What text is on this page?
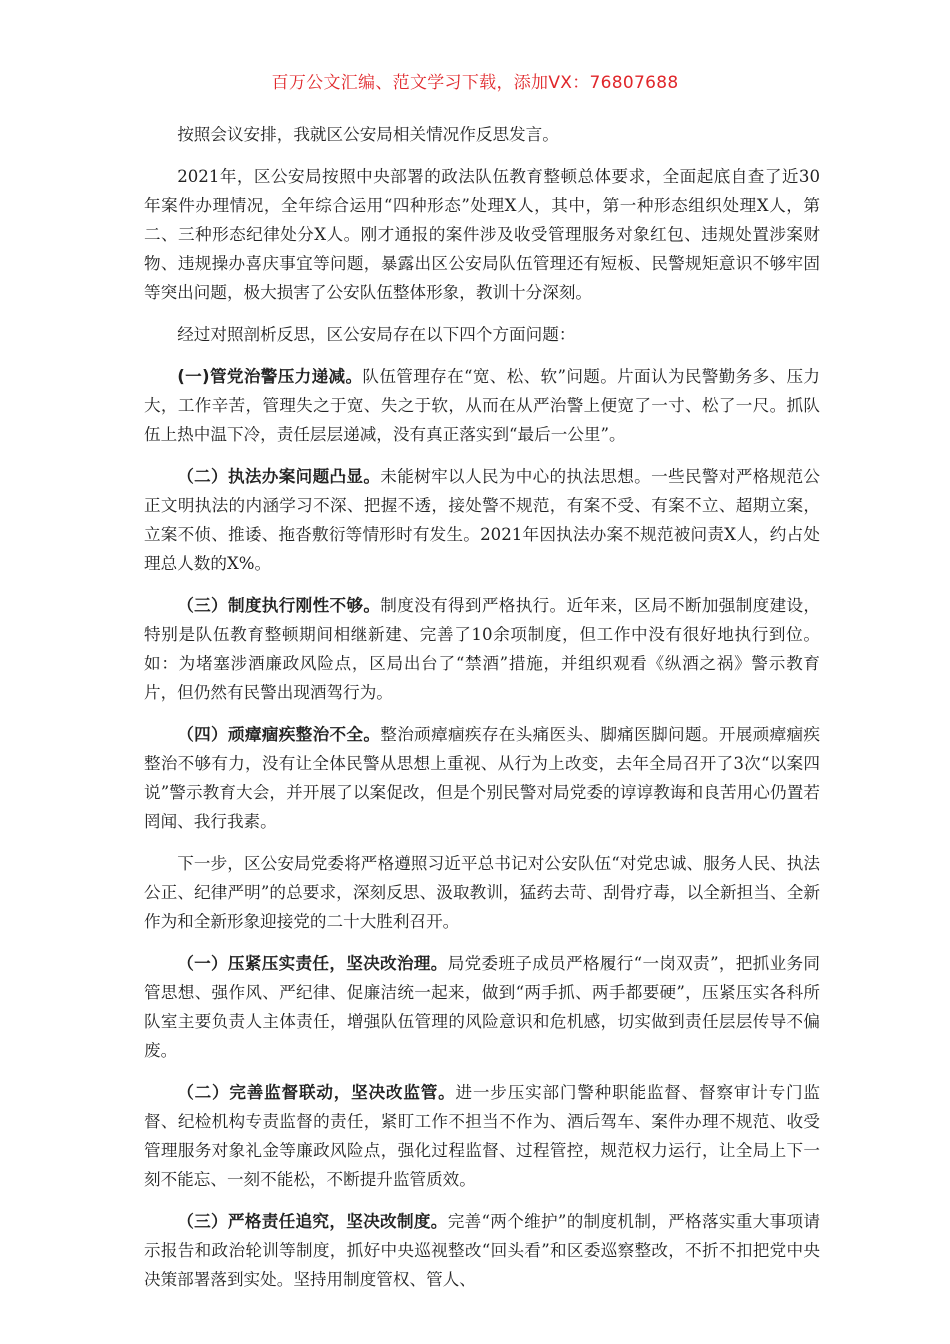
百万公文汇编、范文学习下载，添加VX：76807688

按照会议安排，我就区公安局相关情况作反思发言。

2021年，区公安局按照中央部署的政法队伍教育整顿总体要求，全面起底自查了近30年案件办理情况，全年综合运用“四种形态”处理X人，其中，第一种形态组织处理X人，第二、三种形态纪律处分X人。刚才通报的案件涉及收受管理服务对象红包、违规处置涉案财物、违规操办喜庆事宜等问题，暴露出区公安局队伍管理还有短板、民警规矩意识不够牢固等突出问题，极大损害了公安队伍整体形象，教训十分深刻。

经过对照剖析反思，区公安局存在以下四个方面问题：

(一)管党治警压力递减。队伍管理存在“宽、松、软”问题。片面认为民警勤务多、压力大，工作辛苦，管理失之于宽、失之于软，从而在从严治警上便宽了一寸、松了一尺。抓队伍上热中温下冷，责任层层递减，没有真正落实到“最后一公里”。

（二）执法办案问题凸显。未能树牢以人民为中心的执法思想。一些民警对严格规范公正文明执法的内涵学习不深、把握不透，接处警不规范，有案不受、有案不立、超期立案，立案不侦、推诿、拖沓敷衍等情形时有发生。2021年因执法办案不规范被问责X人，约占处理总人数的X%。

（三）制度执行刚性不够。制度没有得到严格执行。近年来，区局不断加强制度建设，特别是队伍教育整顿期间相继新建、完善了10余项制度，但工作中没有很好地执行到位。如：为堵塞涉酒廉政风险点，区局出台了“禁酒”措施，并组织观看《纵酒之祸》警示教育片，但仍然有民警出现酒驾行为。

（四）顽瘴痼疾整治不全。整治顽瘴痼疾存在头痛医头、脚痛医脚问题。开展顽瘴痼疾整治不够有力，没有让全体民警从思想上重视、从行为上改变，去年全局召开了3次“以案四说”警示教育大会，并开展了以案促改，但是个别民警对局党委的谆谆教诲和良苦用心仍置若罔闻、我行我素。

下一步，区公安局党委将严格遵照习近平总书记对公安队伍“对党忠诚、服务人民、执法公正、纪律严明”的总要求，深刻反思、汲取教训，猛药去苛、刮骨疗毒，以全新担当、全新作为和全新形象迎接党的二十大胜利召开。

（一）压紧压实责任，坚决改治理。局党委班子成员严格履行“一岗双责”，把抓业务同管思想、强作风、严纪律、促廉洁统一起来，做到“两手抓、两手都要硬”，压紧压实各科所队室主要负责人主体责任，增强队伍管理的风险意识和危机感，切实做到责任层层传导不偏废。

（二）完善监督联动，坚决改监管。进一步压实部门警种职能监督、督察审计专门监督、纪检机构专责监督的责任，紧盯工作不担当不作为、酒后驾车、案件办理不规范、收受管理服务对象礼金等廉政风险点，强化过程监督、过程管控，规范权力运行，让全局上下一刻不能忘、一刻不能松，不断提升监管质效。

（三）严格责任追究，坚决改制度。完善“两个维护”的制度机制，严格落实重大事项请示报告和政治轮训等制度，抓好中央巡视整改“回头看”和区委巡察整改，不折不扣把党中央决策部署落到实处。坚持用制度管权、管人、
